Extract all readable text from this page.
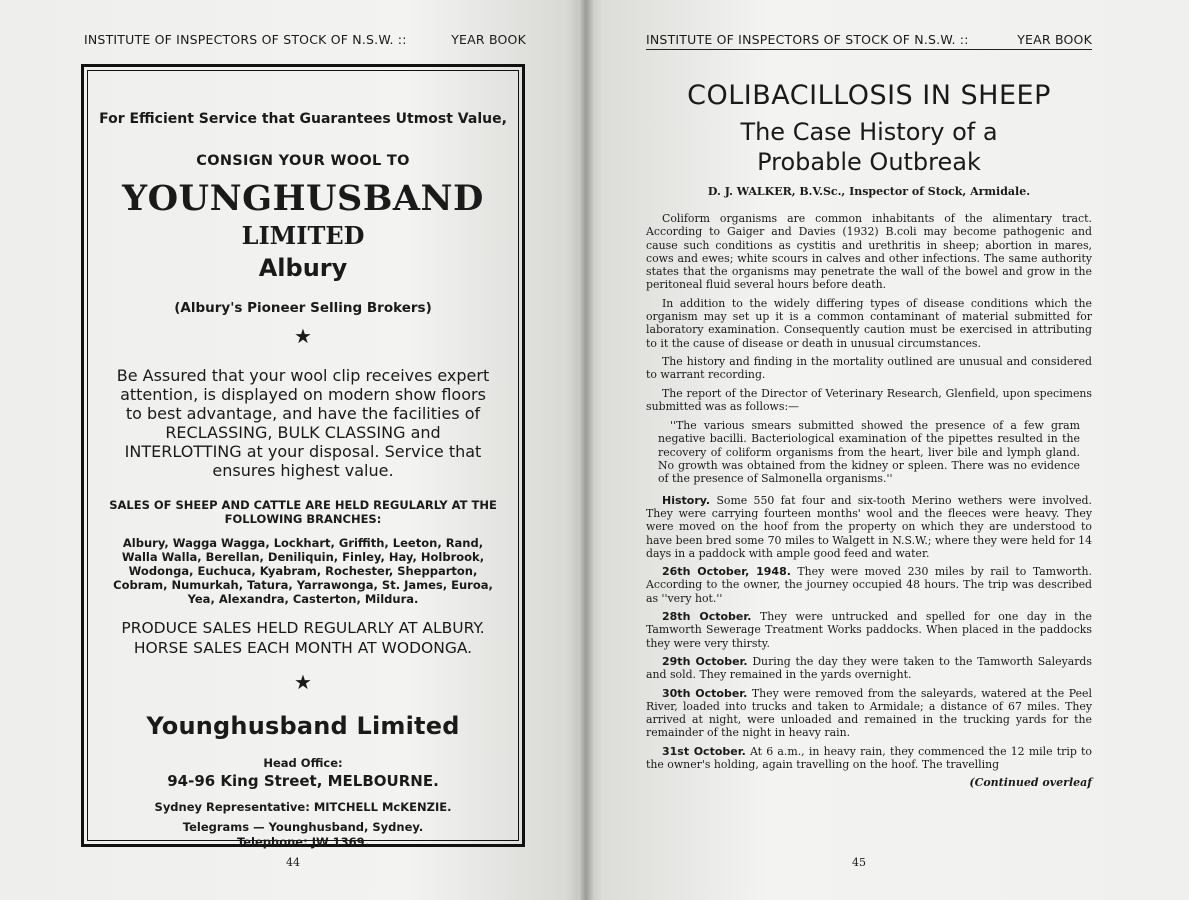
INSTITUTE OF INSPECTORS OF STOCK OF N.S.W. ::	YEAR BOOK
For Efficient Service that Guarantees Utmost Value,
CONSIGN YOUR WOOL TO
YOUNGHUSBAND
LIMITED
Albury
(Albury's Pioneer Selling Brokers)
★
Be Assured that your wool clip receives expert attention, is displayed on modern show floors to best advantage, and have the facilities of RECLASSING, BULK CLASSING and INTERLOTTING at your disposal. Service that ensures highest value.
SALES OF SHEEP AND CATTLE ARE HELD REGULARLY AT THE FOLLOWING BRANCHES:
Albury, Wagga Wagga, Lockhart, Griffith, Leeton, Rand, Walla Walla, Berellan, Deniliquin, Finley, Hay, Holbrook, Wodonga, Euchuca, Kyabram, Rochester, Shepparton, Cobram, Numurkah, Tatura, Yarrawonga, St. James, Euroa, Yea, Alexandra, Casterton, Mildura.
PRODUCE SALES HELD REGULARLY AT ALBURY.
HORSE SALES EACH MONTH AT WODONGA.
★
Younghusband Limited
Head Office:
94-96 King Street, MELBOURNE.
Sydney Representative: MITCHELL McKENZIE.
Telegrams — Younghusband, Sydney.
Telephone: JW 1369.
44
INSTITUTE OF INSPECTORS OF STOCK OF N.S.W. ::	YEAR BOOK
COLIBACILLOSIS IN SHEEP
The Case History of a
Probable Outbreak
D. J. WALKER, B.V.Sc., Inspector of Stock, Armidale.

Coliform organisms are common inhabitants of the alimentary tract. According to Gaiger and Davies (1932) B.coli may become pathogenic and cause such conditions as cystitis and urethritis in sheep; abortion in mares, cows and ewes; white scours in calves and other infections. The same authority states that the organisms may penetrate the wall of the bowel and grow in the peritoneal fluid several hours before death.

In addition to the widely differing types of disease conditions which the organism may set up it is a common contaminant of material submitted for laboratory examination. Consequently caution must be exercised in attributing to it the cause of disease or death in unusual circumstances.

The history and finding in the mortality outlined are unusual and considered to warrant recording.

The report of the Director of Veterinary Research, Glenfield, upon specimens submitted was as follows:—

''The various smears submitted showed the presence of a few gram negative bacilli. Bacteriological examination of the pipettes resulted in the recovery of coliform organisms from the heart, liver bile and lymph gland. No growth was obtained from the kidney or spleen. There was no evidence of the presence of Salmonella organisms.''

History. Some 550 fat four and six-tooth Merino wethers were involved. They were carrying fourteen months' wool and the fleeces were heavy. They were moved on the hoof from the property on which they are understood to have been bred some 70 miles to Walgett in N.S.W.; where they were held for 14 days in a paddock with ample good feed and water.

26th October, 1948. They were moved 230 miles by rail to Tamworth. According to the owner, the journey occupied 48 hours. The trip was described as ''very hot.''

28th October. They were untrucked and spelled for one day in the Tamworth Sewerage Treatment Works paddocks. When placed in the paddocks they were very thirsty.

29th October. During the day they were taken to the Tamworth Saleyards and sold. They remained in the yards overnight.

30th October. They were removed from the saleyards, watered at the Peel River, loaded into trucks and taken to Armidale; a distance of 67 miles. They arrived at night, were unloaded and remained in the trucking yards for the remainder of the night in heavy rain.

31st October. At 6 a.m., in heavy rain, they commenced the 12 mile trip to the owner's holding, again travelling on the hoof. The travelling

(Continued overleaf
45
